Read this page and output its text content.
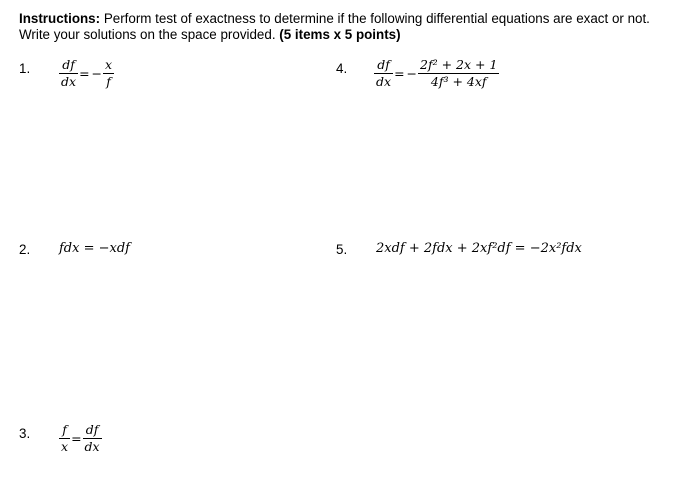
Instructions: Perform test of exactness to determine if the following differential equations are exact or not. Write your solutions on the space provided. (5 items x 5 points)
1. $\frac{df}{dx}$ = − $\frac{x}{f}$	4. $\frac{df}{dx}$ = − $\frac{\text{2f² + 2x + 1}}{\text{4f³ + 4xf}}$
2. fdx = −xdf	5. 2xdf + 2fdx + 2xf²df = −2x²fdx
3. $\frac{f}{x} = \frac{df}{dx}$
